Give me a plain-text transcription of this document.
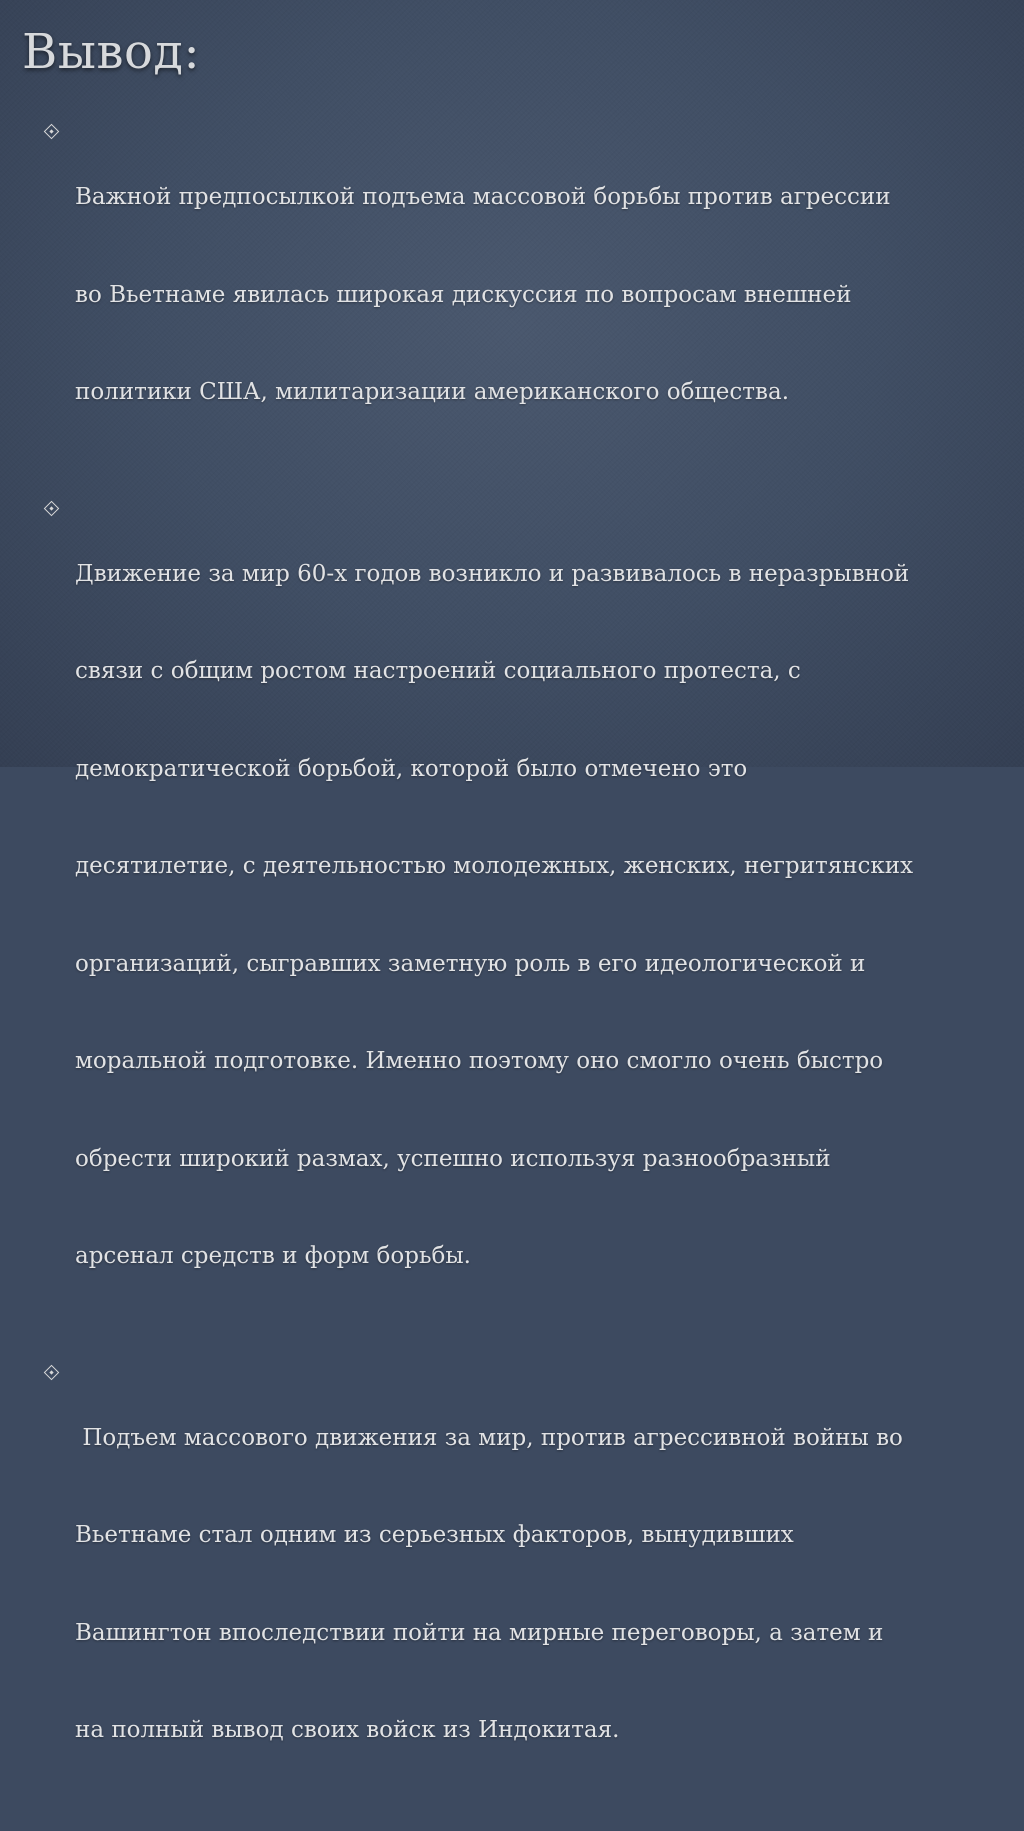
Вывод:

Важной предпосылкой подъема массовой борьбы против агрессии

во Вьетнаме явилась широкая дискуссия по вопросам внешней

политики США, милитаризации американского общества.

Движение за мир 60-х годов возникло и развивалось в неразрывной

связи с общим ростом настроений социального протеста, с

демократической борьбой, которой было отмечено это

десятилетие, с деятельностью молодежных, женских, негритянских

организаций, сыгравших заметную роль в его идеологической и

моральной подготовке. Именно поэтому оно смогло очень быстро

обрести широкий размах, успешно используя разнообразный

арсенал средств и форм борьбы.

Подъем массового движения за мир, против агрессивной войны во

Вьетнаме стал одним из серьезных факторов, вынудивших

Вашингтон впоследствии пойти на мирные переговоры, а затем и

на полный вывод своих войск из Индокитая.
